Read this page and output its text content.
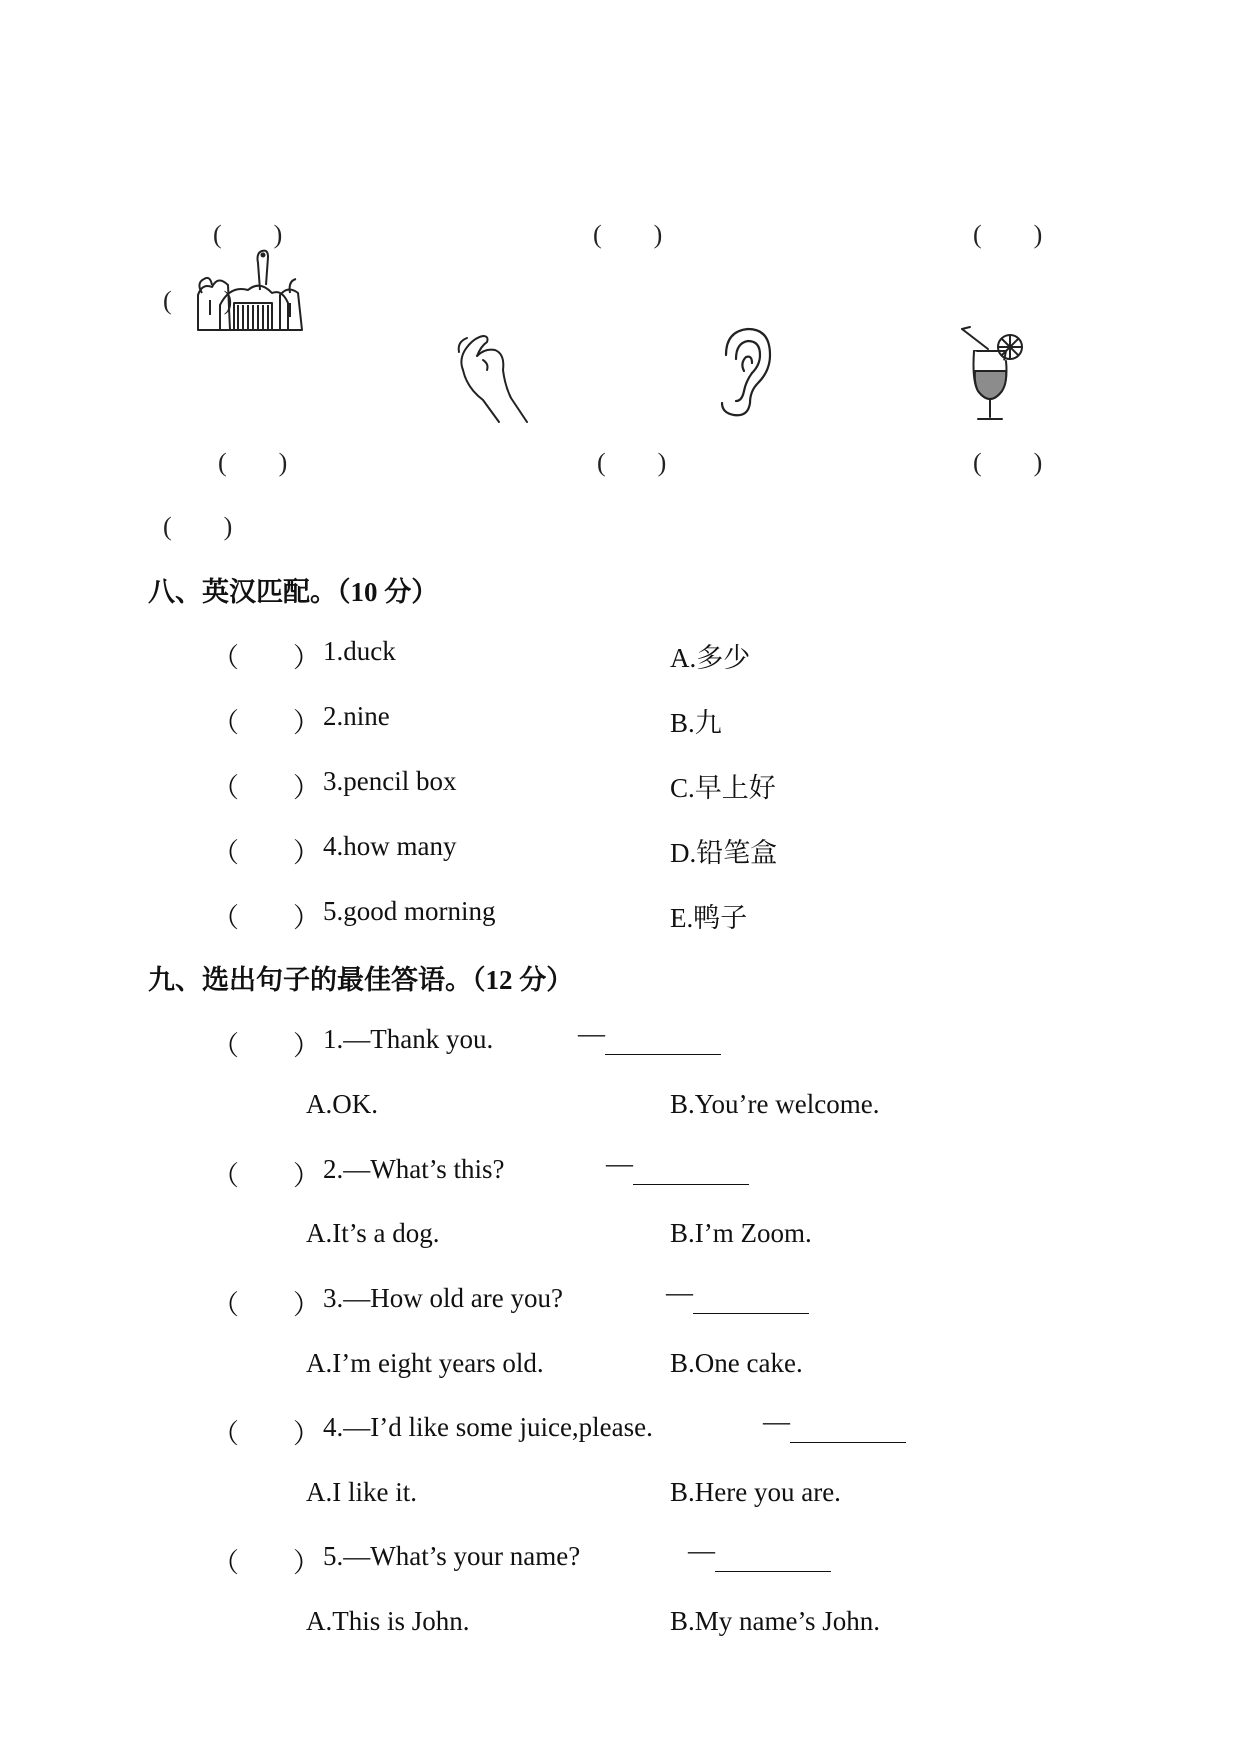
(　　)	(　　)	(　　)
(　　)
(　　)	(　　)	(　　)
(　　)
八、英汉匹配。（10 分）
（　　） 1.duck	A.多少
（　　） 2.nine	B.九
（　　） 3.pencil box	C.早上好
（　　） 4.how many	D.铅笔盒
（　　） 5.good morning	E.鸭子
九、选出句子的最佳答语。（12 分）
（　　） 1.—Thank you.	—
A.OK.	B.You’re welcome.
（　　） 2.—What’s this?	—
A.It’s a dog.	B.I’m Zoom.
（　　） 3.—How old are you?	—
A.I’m eight years old.	B.One cake.
（　　） 4.—I’d like some juice,please.	—
A.I like it.	B.Here you are.
（　　） 5.—What’s your name?	—
A.This is John.	B.My name’s John.
